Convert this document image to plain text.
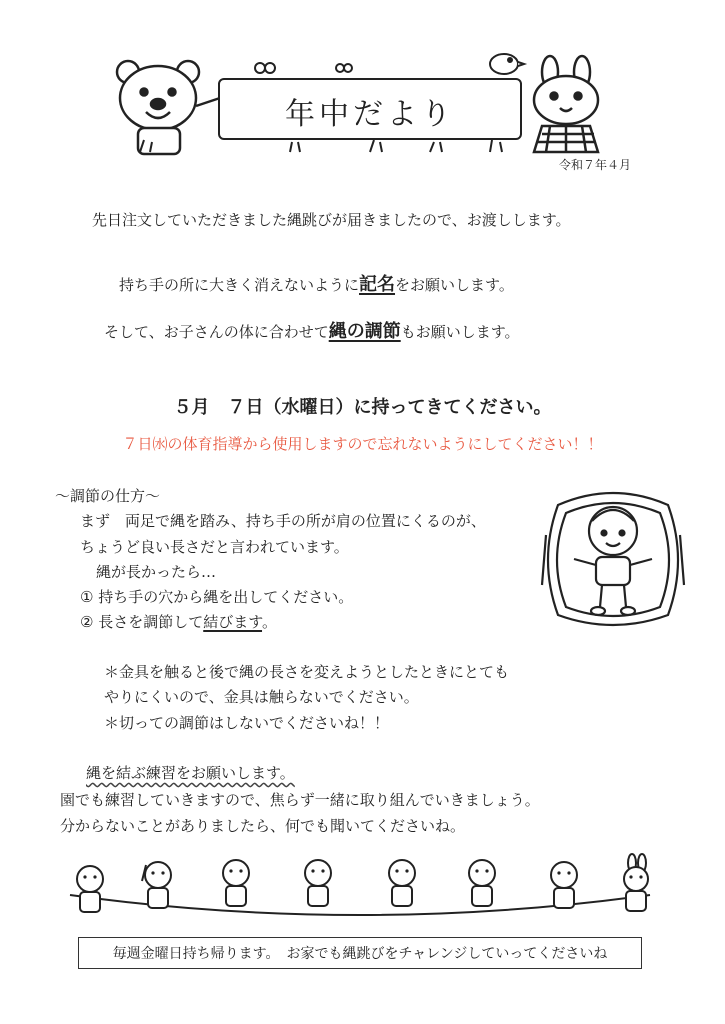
年中だより
令和７年４月
先日注文していただきました縄跳びが届きましたので、お渡しします。
持ち手の所に大きく消えないように記名をお願いします。
そして、お子さんの体に合わせて縄の調節もお願いします。
５月　７日（水曜日）に持ってきてください。
７日㈬の体育指導から使用しますので忘れないようにしてください！！
～調節の仕方～
まず　両足で縄を踏み、持ち手の所が肩の位置にくるのが、
ちょうど良い長さだと言われています。
縄が長かったら…
① 持ち手の穴から縄を出してください。
② 長さを調節して結びます。
＊金具を触ると後で縄の長さを変えようとしたときにとても
やりにくいので、金具は触らないでください。
＊切っての調節はしないでくださいね！！
縄を結ぶ練習をお願いします。
園でも練習していきますので、焦らず一緒に取り組んでいきましょう。
分からないことがありましたら、何でも聞いてくださいね。
毎週金曜日持ち帰ります。　お家でも縄跳びをチャレンジしていってくださいね
